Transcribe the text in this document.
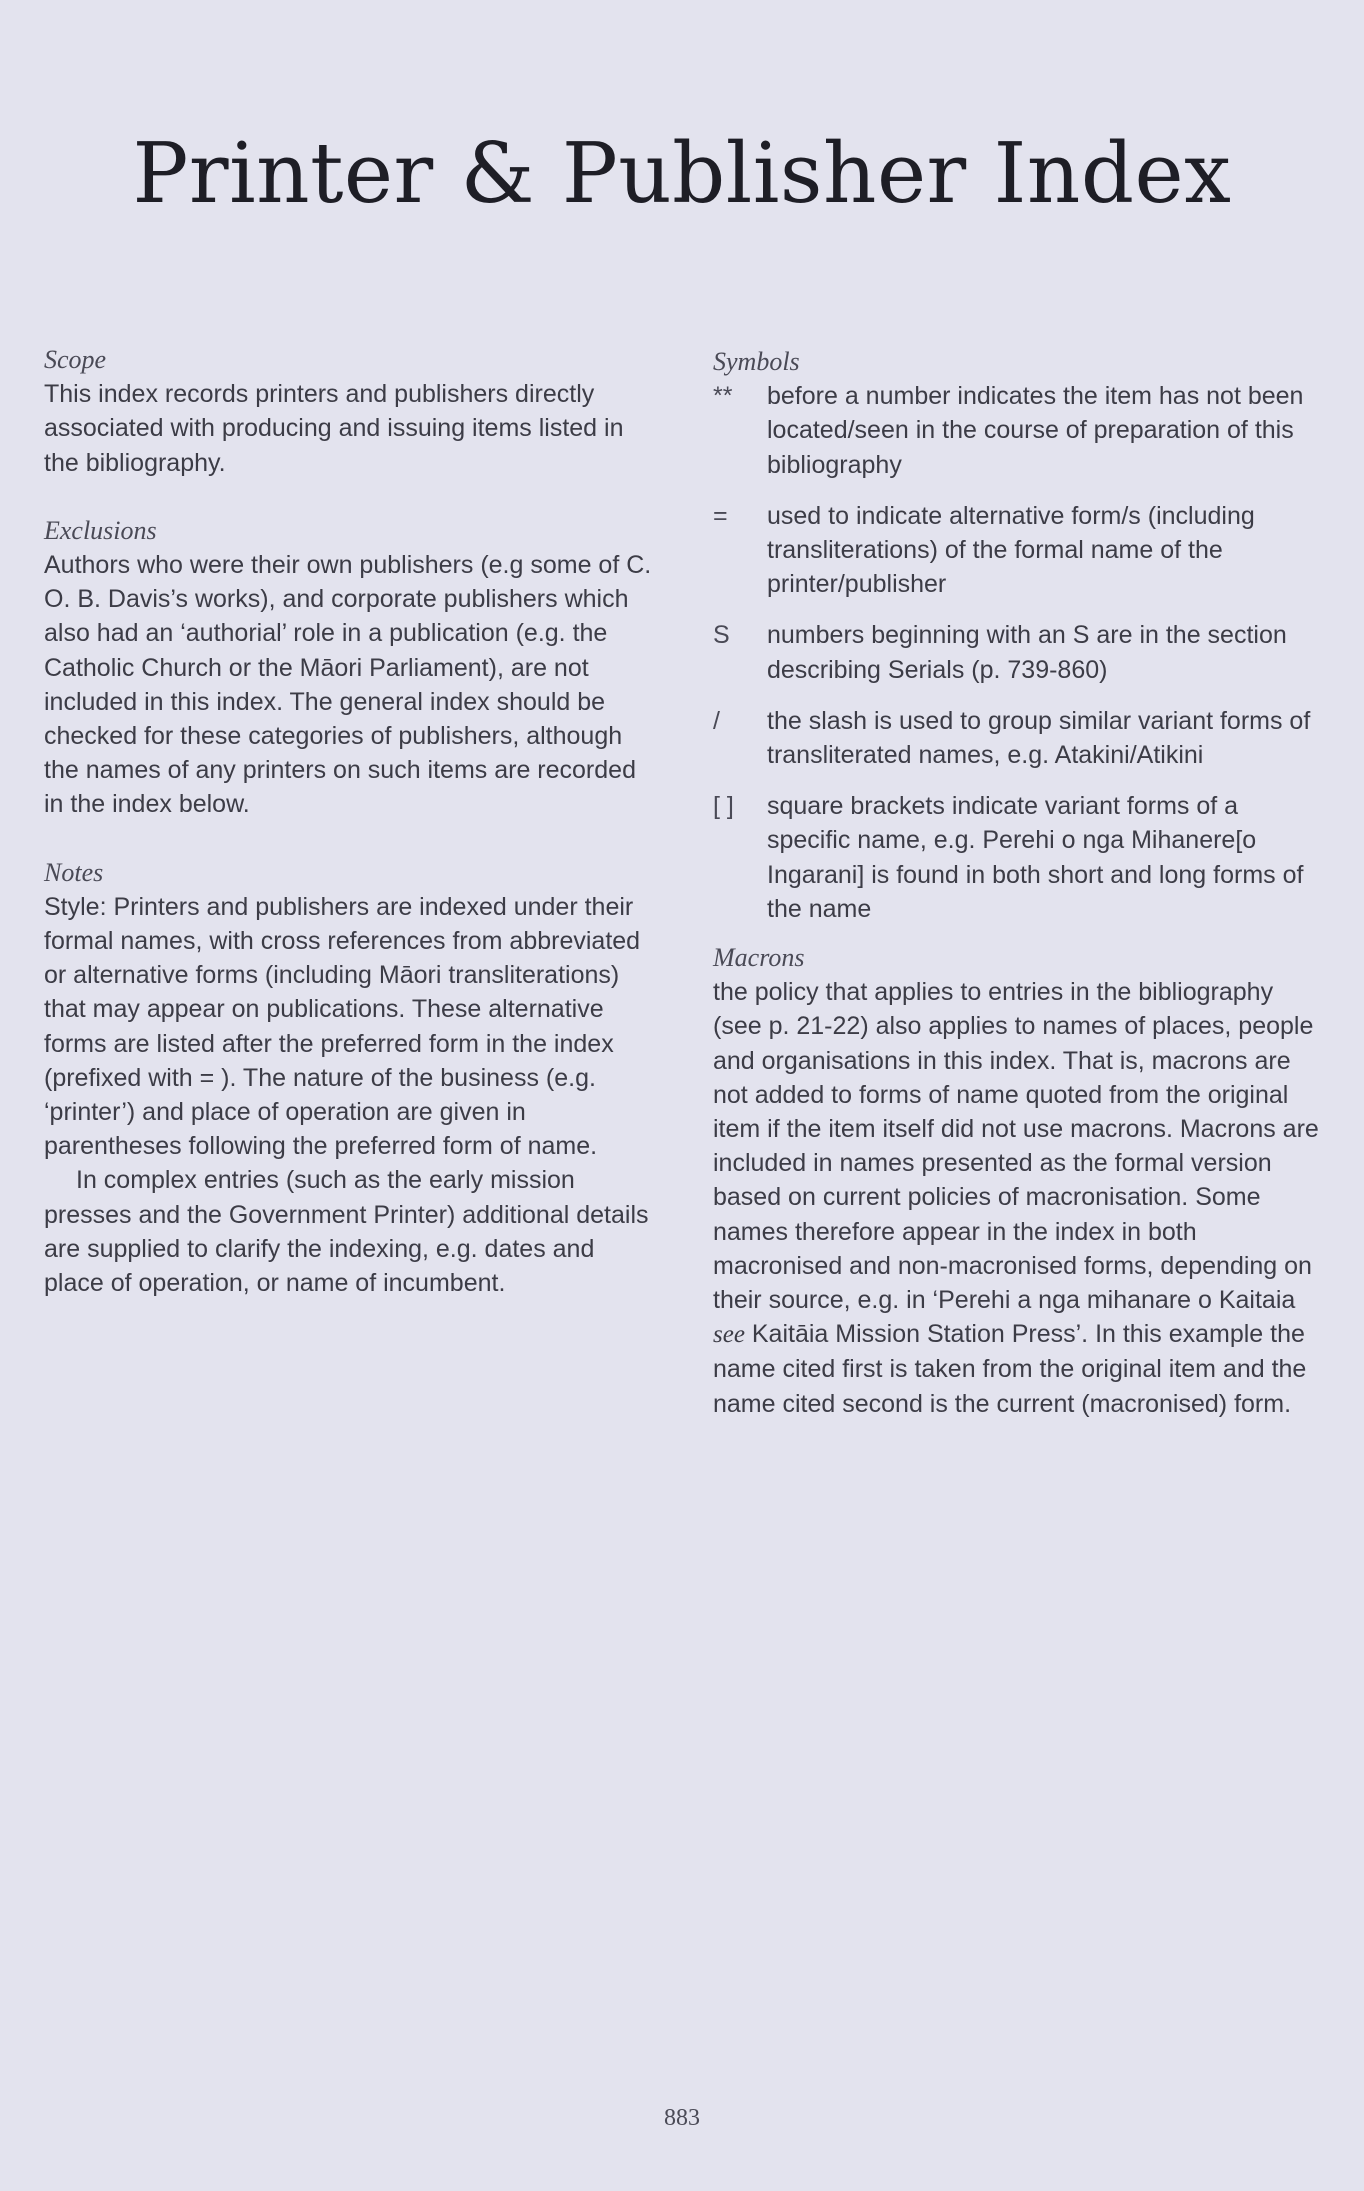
Printer & Publisher Index
Scope

This index records printers and publishers directly associated with producing and issuing items listed in the bibliography.

Exclusions

Authors who were their own publishers (e.g some of C. O. B. Davis’s works), and corporate publishers which also had an ‘authorial’ role in a publication (e.g. the Catholic Church or the Māori Parliament), are not included in this index. The general index should be checked for these categories of publishers, although the names of any printers on such items are recorded in the index below.

Notes

Style: Printers and publishers are indexed under their formal names, with cross references from abbreviated or alternative forms (including Māori transliterations) that may appear on publications. These alternative forms are listed after the preferred form in the index (prefixed with = ). The nature of the business (e.g. ‘printer’) and place of operation are given in parentheses following the preferred form of name.

In complex entries (such as the early mission presses and the Government Printer) additional details are supplied to clarify the indexing, e.g. dates and place of operation, or name of incumbent.

Symbols
**	before a number indicates the item has not been located/seen in the course of preparation of this bibliography
=	used to indicate alternative form/s (including transliterations) of the formal name of the printer/publisher
S	numbers beginning with an S are in the section describing Serials (p. 739-860)
/	the slash is used to group similar variant forms of transliterated names, e.g. Atakini/Atikini
[ ]	square brackets indicate variant forms of a specific name, e.g. Perehi o nga Mihanere[o Ingarani] is found in both short and long forms of the name
Macrons

the policy that applies to entries in the bibliography (see p. 21-22) also applies to names of places, people and organisations in this index. That is, macrons are not added to forms of name quoted from the original item if the item itself did not use macrons. Macrons are included in names presented as the formal version based on current policies of macronisation. Some names therefore appear in the index in both macronised and non-macronised forms, depending on their source, e.g. in ‘Perehi a nga mihanare o Kaitaia see Kaitāia Mission Station Press’. In this example the name cited first is taken from the original item and the name cited second is the current (macronised) form.

883
